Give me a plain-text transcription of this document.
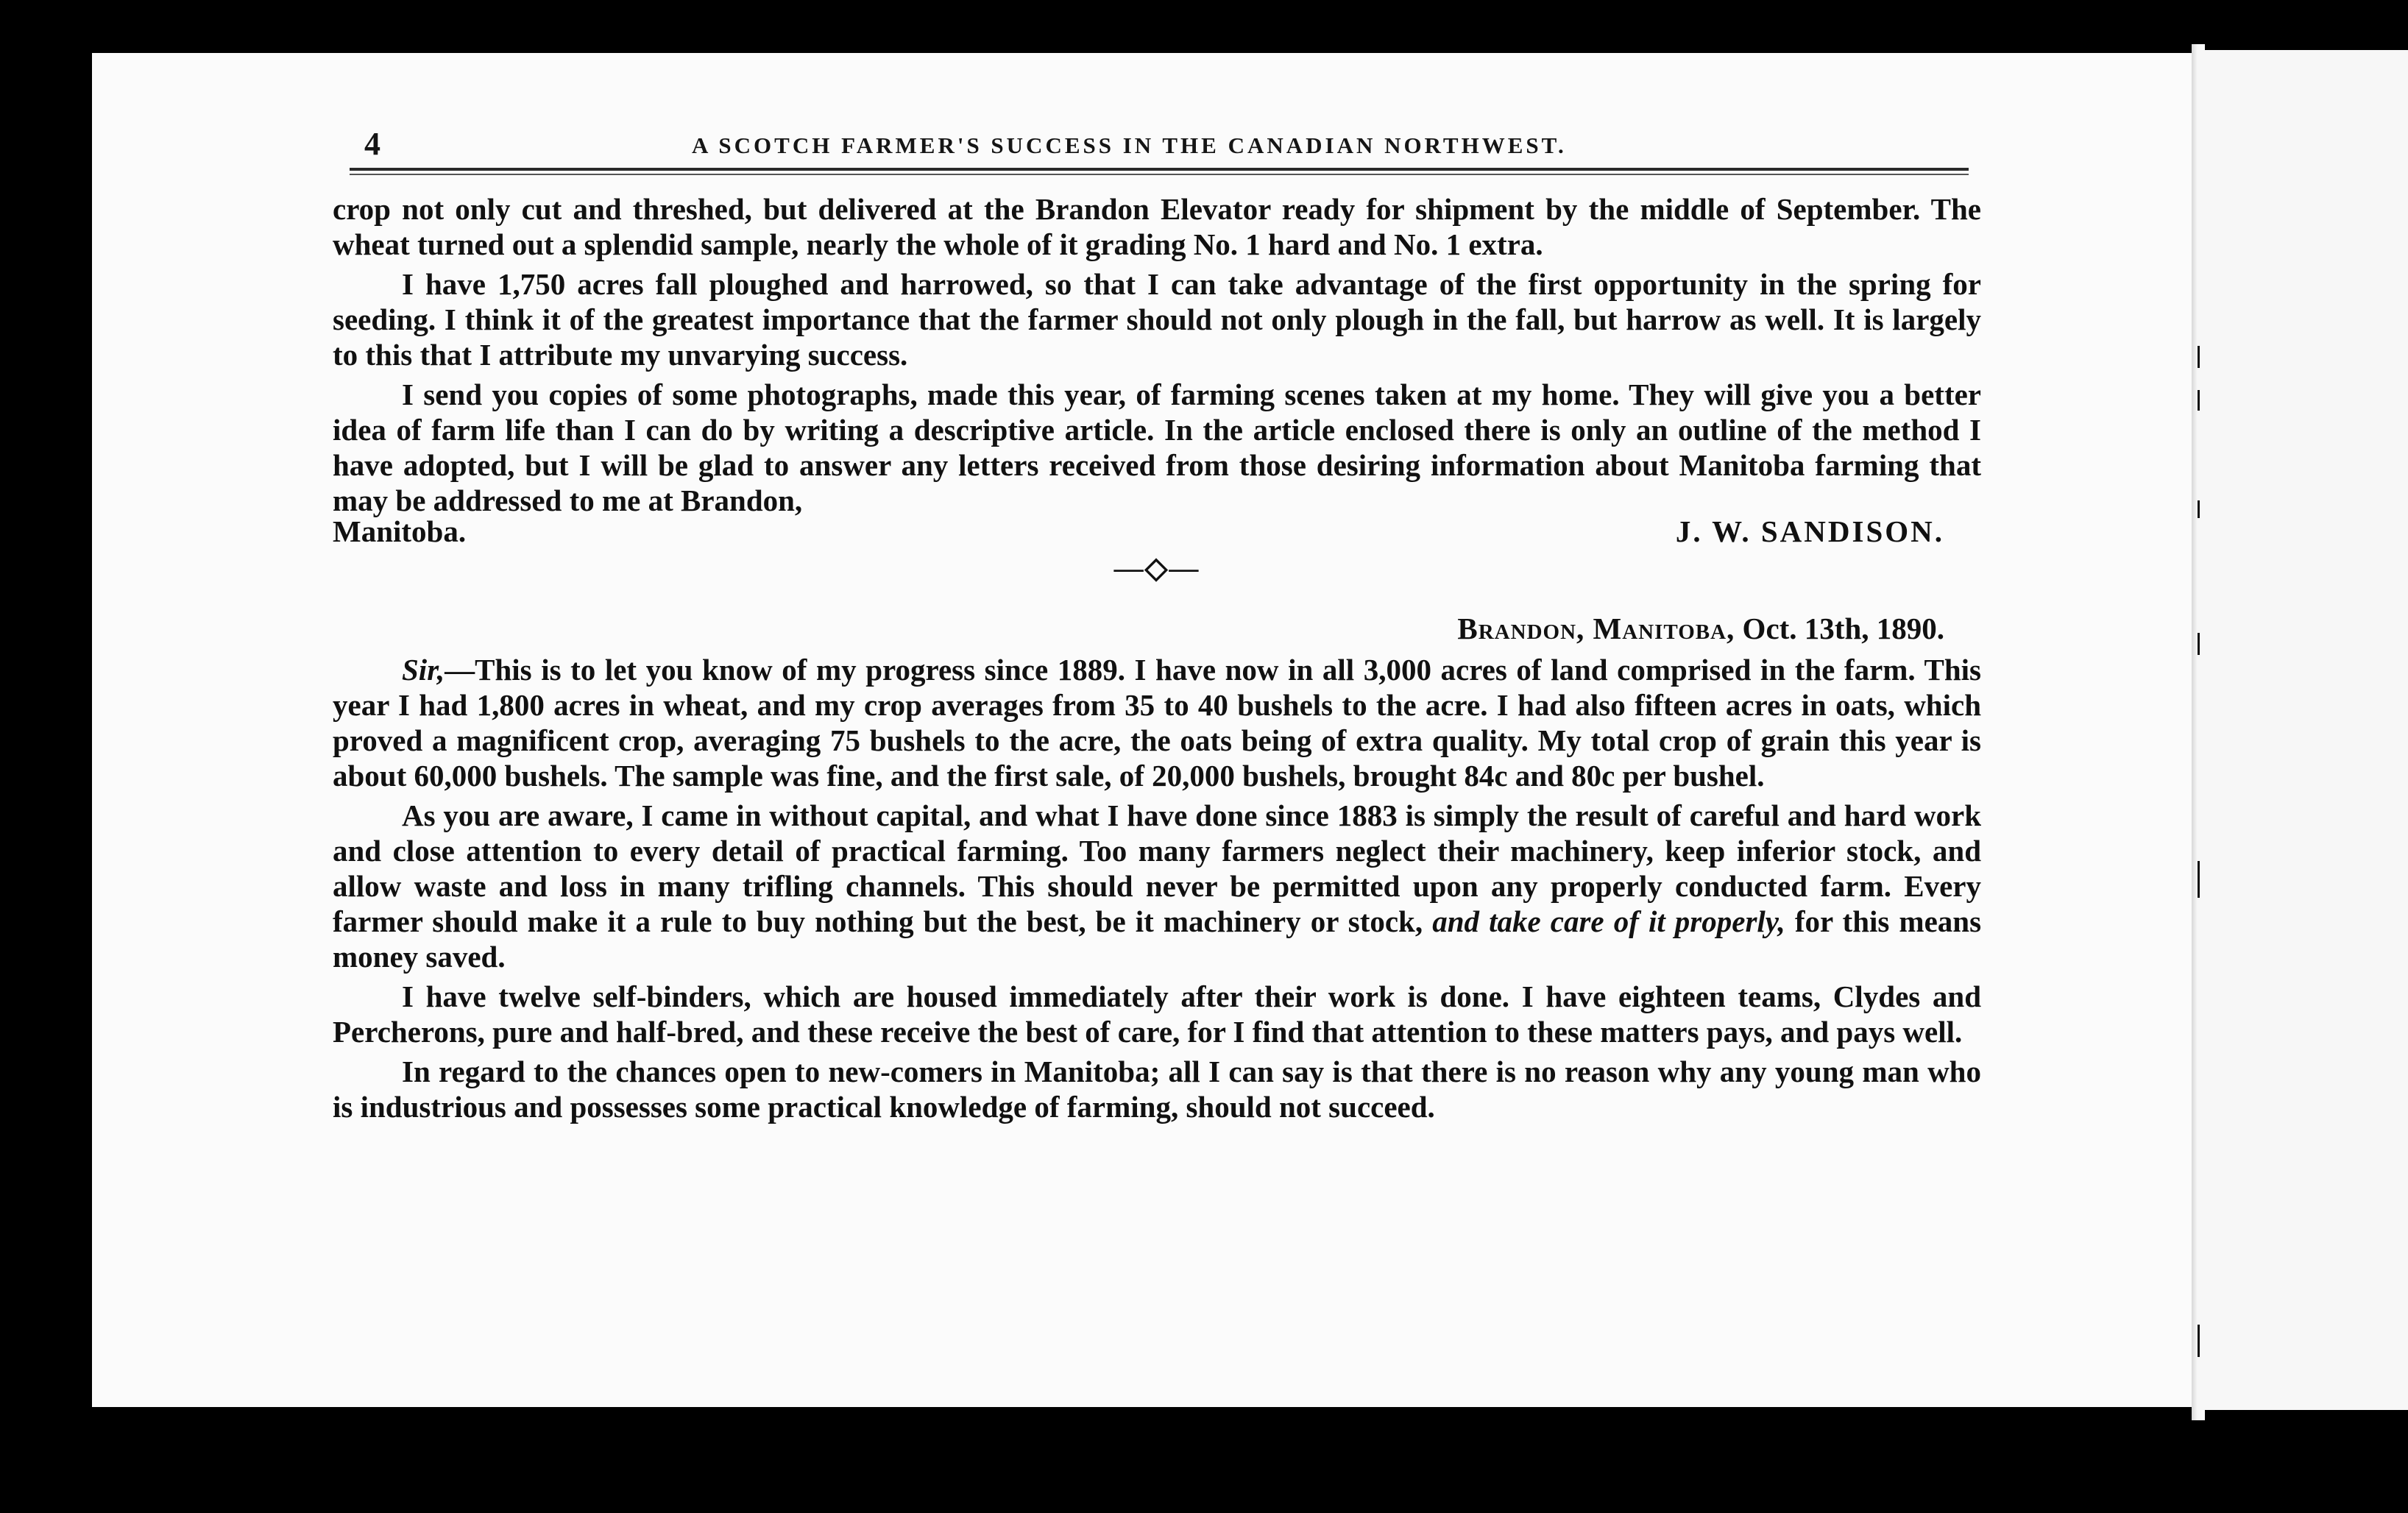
4	A SCOTCH FARMER'S SUCCESS IN THE CANADIAN NORTHWEST.

crop not only cut and threshed, but delivered at the Brandon Elevator ready for shipment by the middle of September. The wheat turned out a splendid sample, nearly the whole of it grading No. 1 hard and No. 1 extra.

I have 1,750 acres fall ploughed and harrowed, so that I can take advantage of the first opportunity in the spring for seeding. I think it of the greatest importance that the farmer should not only plough in the fall, but harrow as well. It is largely to this that I attribute my unvarying success.

I send you copies of some photographs, made this year, of farming scenes taken at my home. They will give you a better idea of farm life than I can do by writing a descriptive article. In the article enclosed there is only an outline of the method I have adopted, but I will be glad to answer any letters received from those desiring information about Manitoba farming that may be addressed to me at Brandon,

Manitoba.	J. W. SANDISON.
—◇—
Brandon, Manitoba, Oct. 13th, 1890.

Sir,—This is to let you know of my progress since 1889. I have now in all 3,000 acres of land comprised in the farm. This year I had 1,800 acres in wheat, and my crop averages from 35 to 40 bushels to the acre. I had also fifteen acres in oats, which proved a magnificent crop, averaging 75 bushels to the acre, the oats being of extra quality. My total crop of grain this year is about 60,000 bushels. The sample was fine, and the first sale, of 20,000 bushels, brought 84c and 80c per bushel.

As you are aware, I came in without capital, and what I have done since 1883 is simply the result of careful and hard work and close attention to every detail of practical farming. Too many farmers neglect their machinery, keep inferior stock, and allow waste and loss in many trifling channels. This should never be permitted upon any properly conducted farm. Every farmer should make it a rule to buy nothing but the best, be it machinery or stock, and take care of it properly, for this means money saved.

I have twelve self-binders, which are housed immediately after their work is done. I have eighteen teams, Clydes and Percherons, pure and half-bred, and these receive the best of care, for I find that attention to these matters pays, and pays well.

In regard to the chances open to new-comers in Manitoba; all I can say is that there is no reason why any young man who is industrious and possesses some practical knowledge of farming, should not succeed.
